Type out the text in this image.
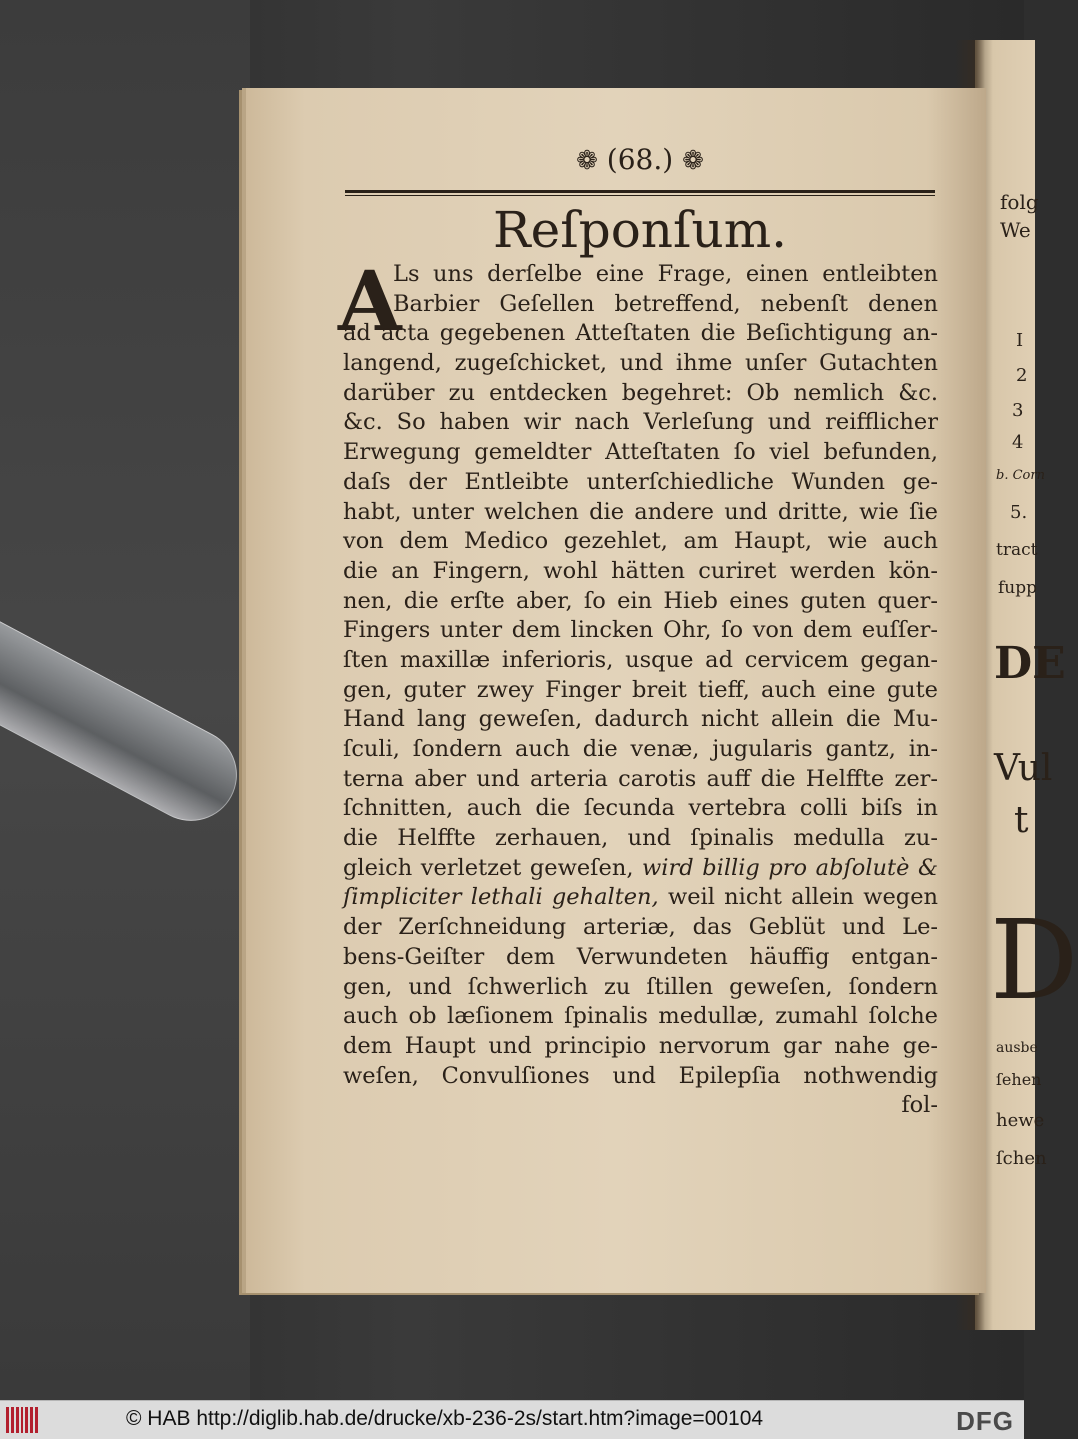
❁ (68.) ❁
Reſponſum.
A
Ls uns derſelbe eine Frage, einen entleibten
Barbier Geſellen betreffend, nebenſt denen
ad acta gegebenen Atteſtaten die Beſichtigung an-
langend, zugeſchicket, und ihme unſer Gutachten
darüber zu entdecken begehret: Ob nemlich &c.
&c. So haben wir nach Verleſung und reifflicher
Erwegung gemeldter Atteſtaten ſo viel befunden,
daſs der Entleibte unterſchiedliche Wunden ge-
habt, unter welchen die andere und dritte, wie ſie
von dem Medico gezehlet, am Haupt, wie auch
die an Fingern, wohl hätten curiret werden kön-
nen, die erſte aber, ſo ein Hieb eines guten quer-
Fingers unter dem lincken Ohr, ſo von dem euſſer-
ſten maxillæ inferioris, usque ad cervicem gegan-
gen, guter zwey Finger breit tieff, auch eine gute
Hand lang geweſen, dadurch nicht allein die Mu-
ſculi, ſondern auch die venæ, jugularis gantz, in-
terna aber und arteria carotis auff die Helffte zer-
ſchnitten, auch die ſecunda vertebra colli biſs in
die Helffte zerhauen, und ſpinalis medulla zu-
gleich verletzet geweſen, wird billig pro abſolutè &
ſimpliciter lethali gehalten, weil nicht allein wegen
der Zerſchneidung arteriæ, das Geblüt und Le-
bens-Geiſter dem Verwundeten häuffig entgan-
gen, und ſchwerlich zu ſtillen geweſen, ſondern
auch ob læſionem ſpinalis medullæ, zumahl ſolche
dem Haupt und principio nervorum gar nahe ge-
weſen, Convulſiones und Epilepſia nothwendig
fol-
folg
We
I
2
3
4
b. Corn
5.
tract
fupp
DE
Vul
t
D
ausbe
ſehen
hewe
ſchen
© HAB http://diglib.hab.de/drucke/xb-236-2s/start.htm?image=00104	DFG
